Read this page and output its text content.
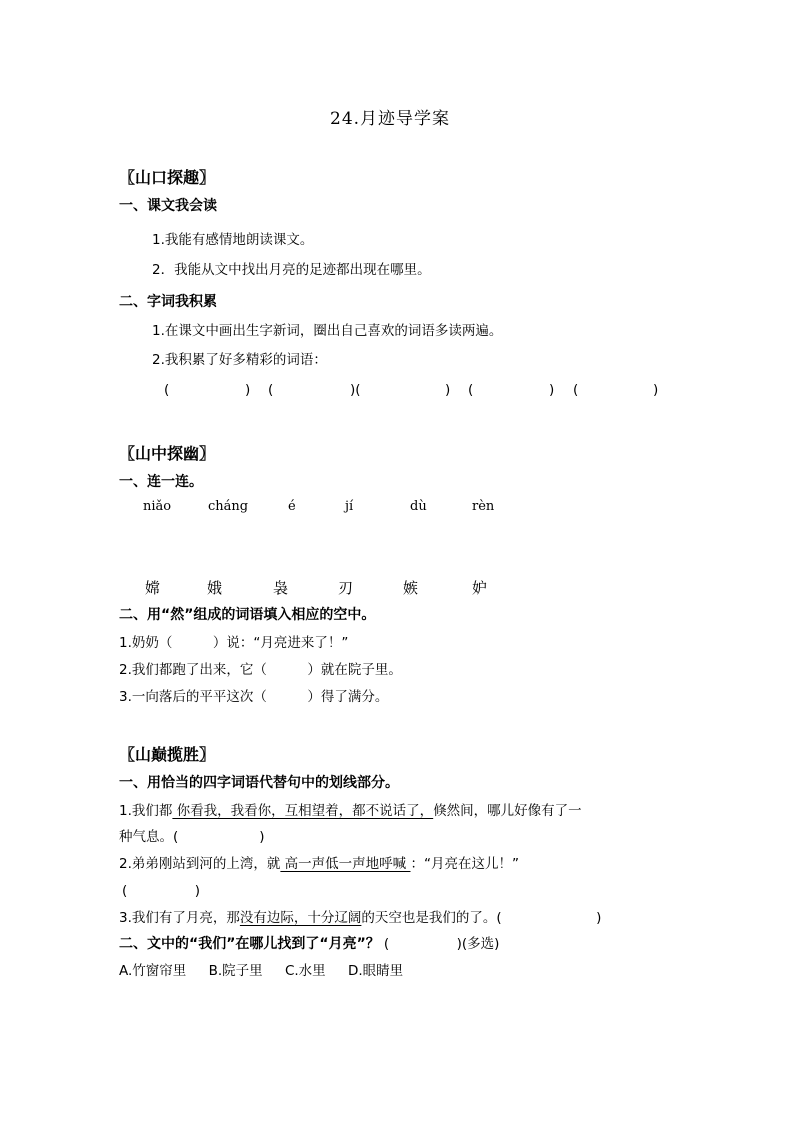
24.月迹导学案
〖山口探趣〗
一、课文我会读
1.我能有感情地朗读课文。
2．我能从文中找出月亮的足迹都出现在哪里。
二、字词我积累
1.在课文中画出生字新词，圈出自己喜欢的词语多读两遍。
2.我积累了好多精彩的词语：
(	) (	)(	) (	) (	)
〖山中探幽〗
一、连一连。
niǎo	cháng	é	jí	dù	rèn
嫦	娥	袅	刃	嫉	妒
二、用“然”组成的词语填入相应的空中。
1.奶奶（　　　）说：“月亮进来了！”
2.我们都跑了出来，它（　　　）就在院子里。
3.一向落后的平平这次（　　　）得了满分。
〖山巅揽胜〗
一、用恰当的四字词语代替句中的划线部分。
1.我们都 你看我，我看你，互相望着，都不说话了，倏然间，哪儿好像有了一
种气息。(　　　　　　)
2.弟弟刚站到河的上湾，就 高一声低一声地呼喊 ：“月亮在这儿！”
(　　　　　)
3.我们有了月亮，那没有边际，十分辽阔的天空也是我们的了。(　　　　　　　)
二、文中的“我们”在哪儿找到了“月亮”？ (　　　　　)(多选)
A.竹窗帘里 B.院子里 C.水里 D.眼睛里
